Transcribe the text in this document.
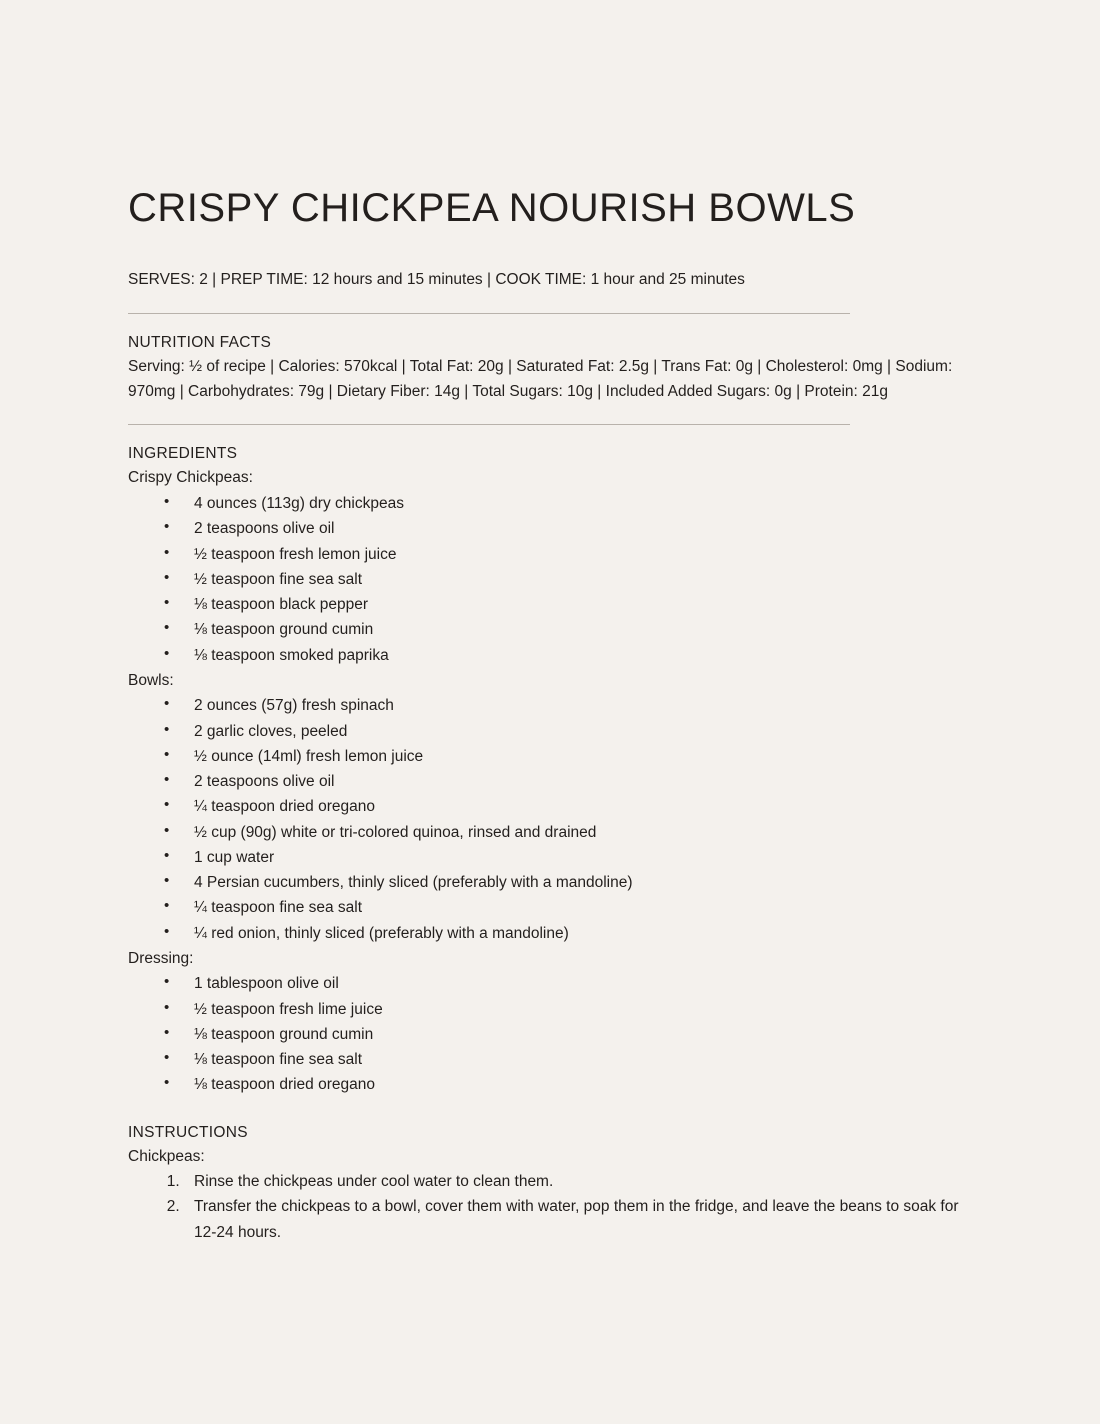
CRISPY CHICKPEA NOURISH BOWLS

SERVES: 2 | PREP TIME: 12 hours and 15 minutes | COOK TIME: 1 hour and 25 minutes

NUTRITION FACTS

Serving: ½ of recipe | Calories: 570kcal | Total Fat: 20g | Saturated Fat: 2.5g | Trans Fat: 0g | Cholesterol: 0mg | Sodium: 970mg | Carbohydrates: 79g | Dietary Fiber: 14g | Total Sugars: 10g | Included Added Sugars: 0g | Protein: 21g

INGREDIENTS
Crispy Chickpeas:
• 4 ounces (113g) dry chickpeas
• 2 teaspoons olive oil
• ½ teaspoon fresh lemon juice
• ½ teaspoon fine sea salt
• ⅛ teaspoon black pepper
• ⅛ teaspoon ground cumin
• ⅛ teaspoon smoked paprika
Bowls:
• 2 ounces (57g) fresh spinach
• 2 garlic cloves, peeled
• ½ ounce (14ml) fresh lemon juice
• 2 teaspoons olive oil
• ¼ teaspoon dried oregano
• ½ cup (90g) white or tri-colored quinoa, rinsed and drained
• 1 cup water
• 4 Persian cucumbers, thinly sliced (preferably with a mandoline)
• ¼ teaspoon fine sea salt
• ¼ red onion, thinly sliced (preferably with a mandoline)
Dressing:
• 1 tablespoon olive oil
• ½ teaspoon fresh lime juice
• ⅛ teaspoon ground cumin
• ⅛ teaspoon fine sea salt
• ⅛ teaspoon dried oregano
INSTRUCTIONS
Chickpeas:
1. Rinse the chickpeas under cool water to clean them.
2. Transfer the chickpeas to a bowl, cover them with water, pop them in the fridge, and leave the beans to soak for 12-24 hours.
